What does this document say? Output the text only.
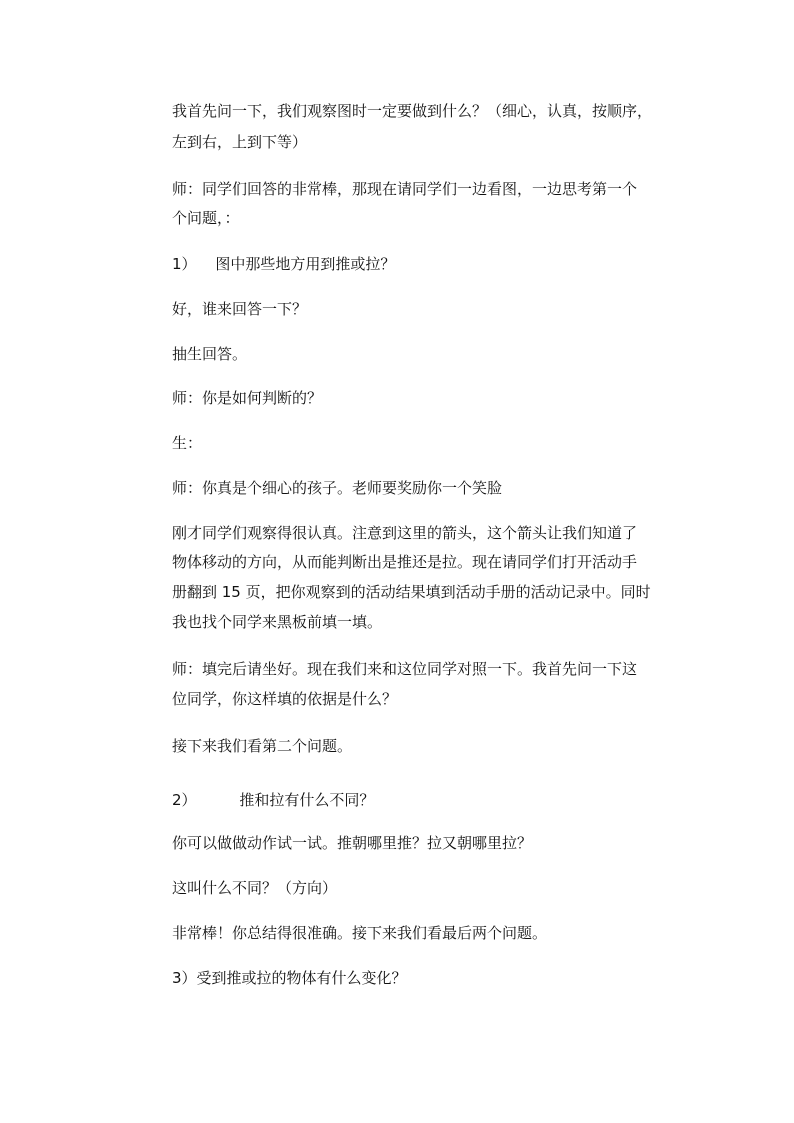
我首先问一下，我们观察图时一定要做到什么？（细心，认真，按顺序，
左到右，上到下等）
师：同学们回答的非常棒，那现在请同学们一边看图，一边思考第一个
个问题，：
1） 图中那些地方用到推或拉？
好，谁来回答一下？
抽生回答。
师：你是如何判断的？
生：
师：你真是个细心的孩子。老师要奖励你一个笑脸
刚才同学们观察得很认真。注意到这里的箭头，这个箭头让我们知道了
物体移动的方向，从而能判断出是推还是拉。现在请同学们打开活动手
册翻到 15 页，把你观察到的活动结果填到活动手册的活动记录中。同时
我也找个同学来黑板前填一填。
师：填完后请坐好。现在我们来和这位同学对照一下。我首先问一下这
位同学，你这样填的依据是什么？
接下来我们看第二个问题。
2）	推和拉有什么不同？
你可以做做动作试一试。推朝哪里推？拉又朝哪里拉？
这叫什么不同？（方向）
非常棒！你总结得很准确。接下来我们看最后两个问题。
3）受到推或拉的物体有什么变化？
